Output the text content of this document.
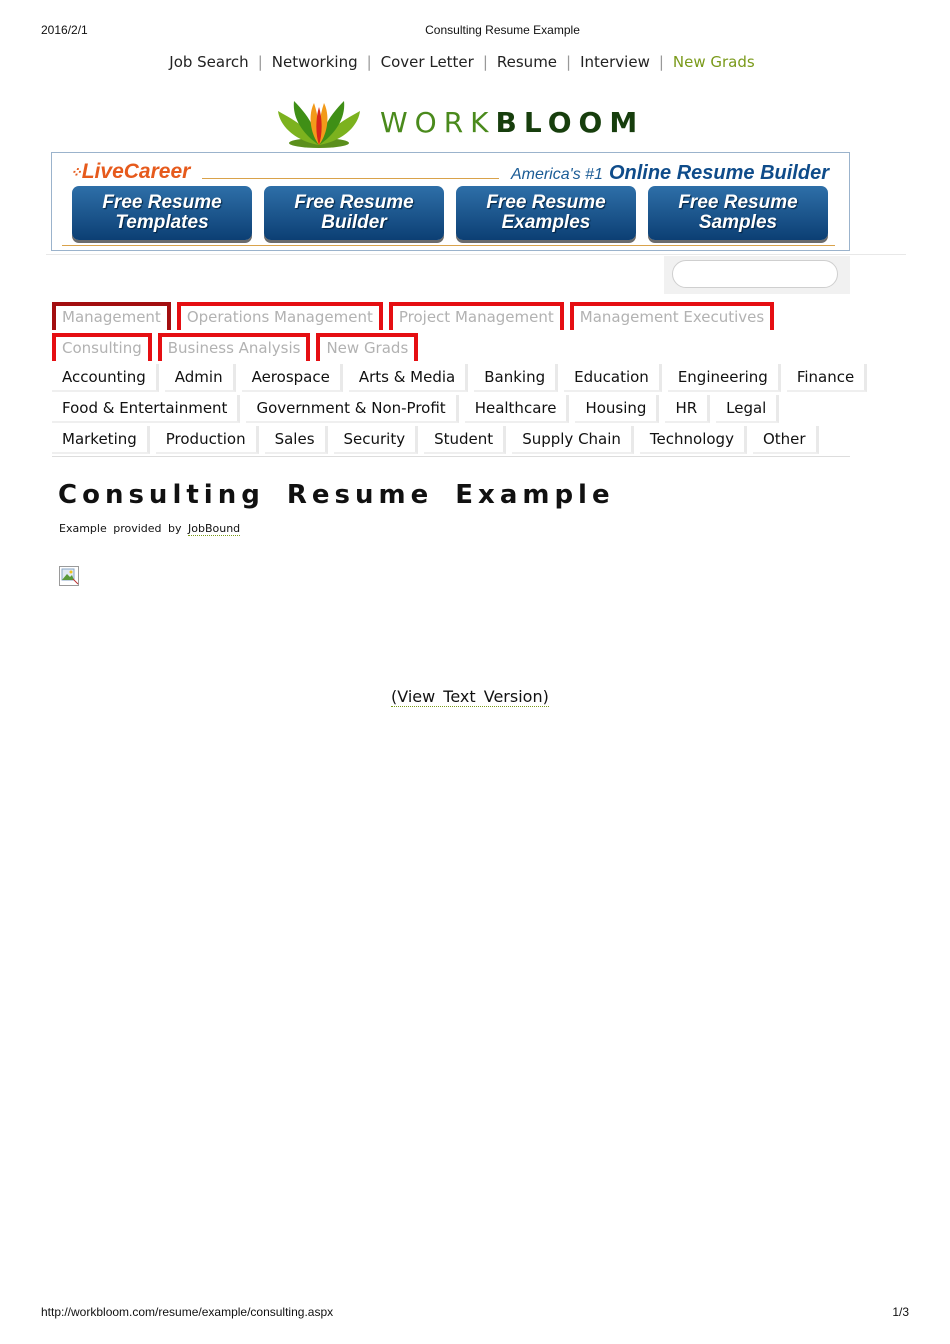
2016/2/1	Consulting Resume Example
Job Search | Networking | Cover Letter | Resume | Interview | New Grads
WORKBLOOM
⁘LiveCareer	America's #1 Online Resume Builder
Free Resume
Templates
Free Resume
Builder
Free Resume
Examples
Free Resume
Samples
Management	Operations Management	Project Management	Management Executives
Consulting	Business Analysis	New Grads
Accounting	Admin	Aerospace	Arts & Media	Banking	Education	Engineering	Finance
Food & Entertainment	Government & Non-Profit	Healthcare	Housing	HR	Legal
Marketing	Production	Sales	Security	Student	Supply Chain	Technology	Other
Consulting Resume Example
Example provided by JobBound
(View Text Version)
http://workbloom.com/resume/example/consulting.aspx	1/3
